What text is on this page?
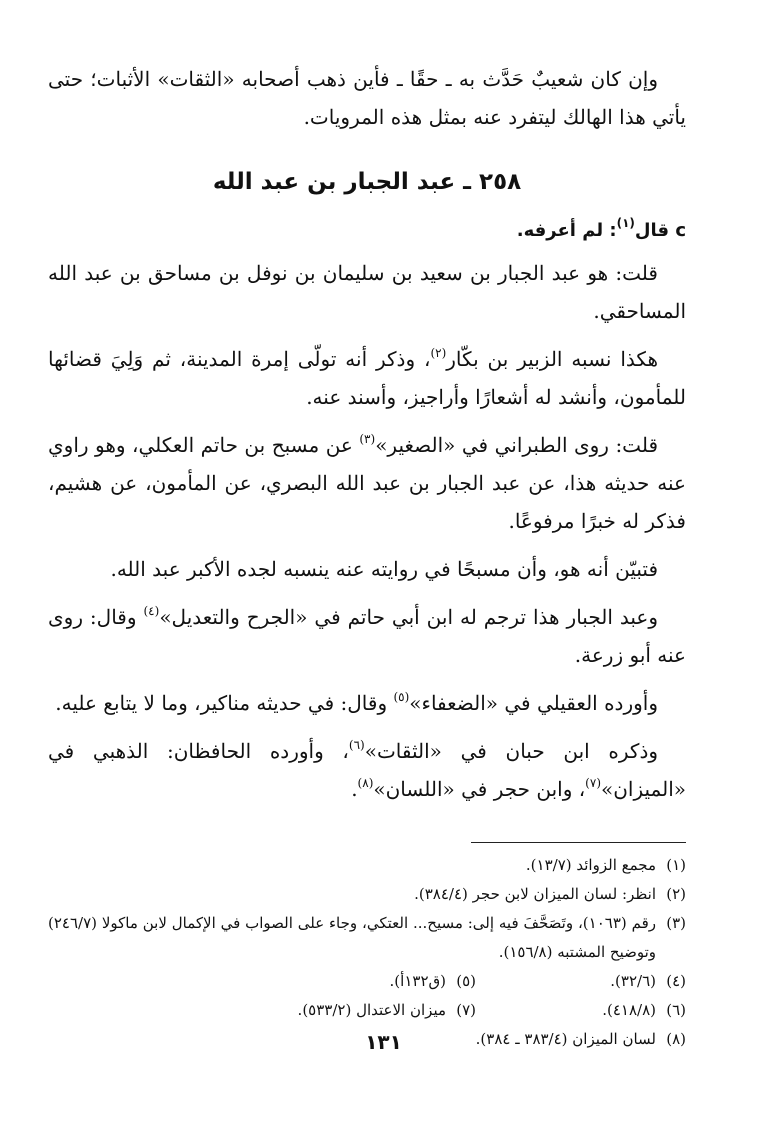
وإن كان شعيبٌ حَدَّث به ـ حقًا ـ فأين ذهب أصحابه «الثقات» الأثبات؛ حتى يأتي هذا الهالك ليتفرد عنه بمثل هذه المرويات.

٢٥٨ ـ عبد الجبار بن عبد الله

c قال$^{(١)}$: لم أعرفه.

قلت: هو عبد الجبار بن سعيد بن سليمان بن نوفل بن مساحق بن عبد الله المساحقي.

هكذا نسبه الزبير بن بكّار$^{(٢)}$، وذكر أنه تولّى إمرة المدينة، ثم وَلِيَ قضائها للمأمون، وأنشد له أشعارًا وأراجيز، وأسند عنه.

قلت: روى الطبراني في «الصغير»$^{(٣)}$ عن مسبح بن حاتم العكلي، وهو راوي عنه حديثه هذا، عن عبد الجبار بن عبد الله البصري، عن المأمون، عن هشيم، فذكر له خبرًا مرفوعًا.

فتبيّن أنه هو، وأن مسبحًا في روايته عنه ينسبه لجده الأكبر عبد الله.

وعبد الجبار هذا ترجم له ابن أبي حاتم في «الجرح والتعديل»$^{(٤)}$ وقال: روى عنه أبو زرعة.

وأورده العقيلي في «الضعفاء»$^{(٥)}$ وقال: في حديثه مناكير، وما لا يتابع عليه.

وذكره ابن حبان في «الثقات»$^{(٦)}$، وأورده الحافظان: الذهبي في «الميزان»$^{(٧)}$، وابن حجر في «اللسان»$^{(٨)}$.

(١)
مجمع الزوائد (١٣/٧).

(٢)
انظر: لسان الميزان لابن حجر (٣٨٤/٤).

(٣)
رقم (١٠٦٣)، وتَصَحَّفَ فيه إلى: مسيح... العتكي، وجاء على الصواب في الإكمال لابن ماكولا (٢٤٦/٧) وتوضيح المشتبه (١٥٦/٨).

(٤)
(٣٢/٦).
(٥)
(ق١٣٢أ).
(٦)
(٤١٨/٨).
(٧)
ميزان الاعتدال (٥٣٣/٢).

(٨)
لسان الميزان (٣٨٣/٤ ـ ٣٨٤).

١٣١
